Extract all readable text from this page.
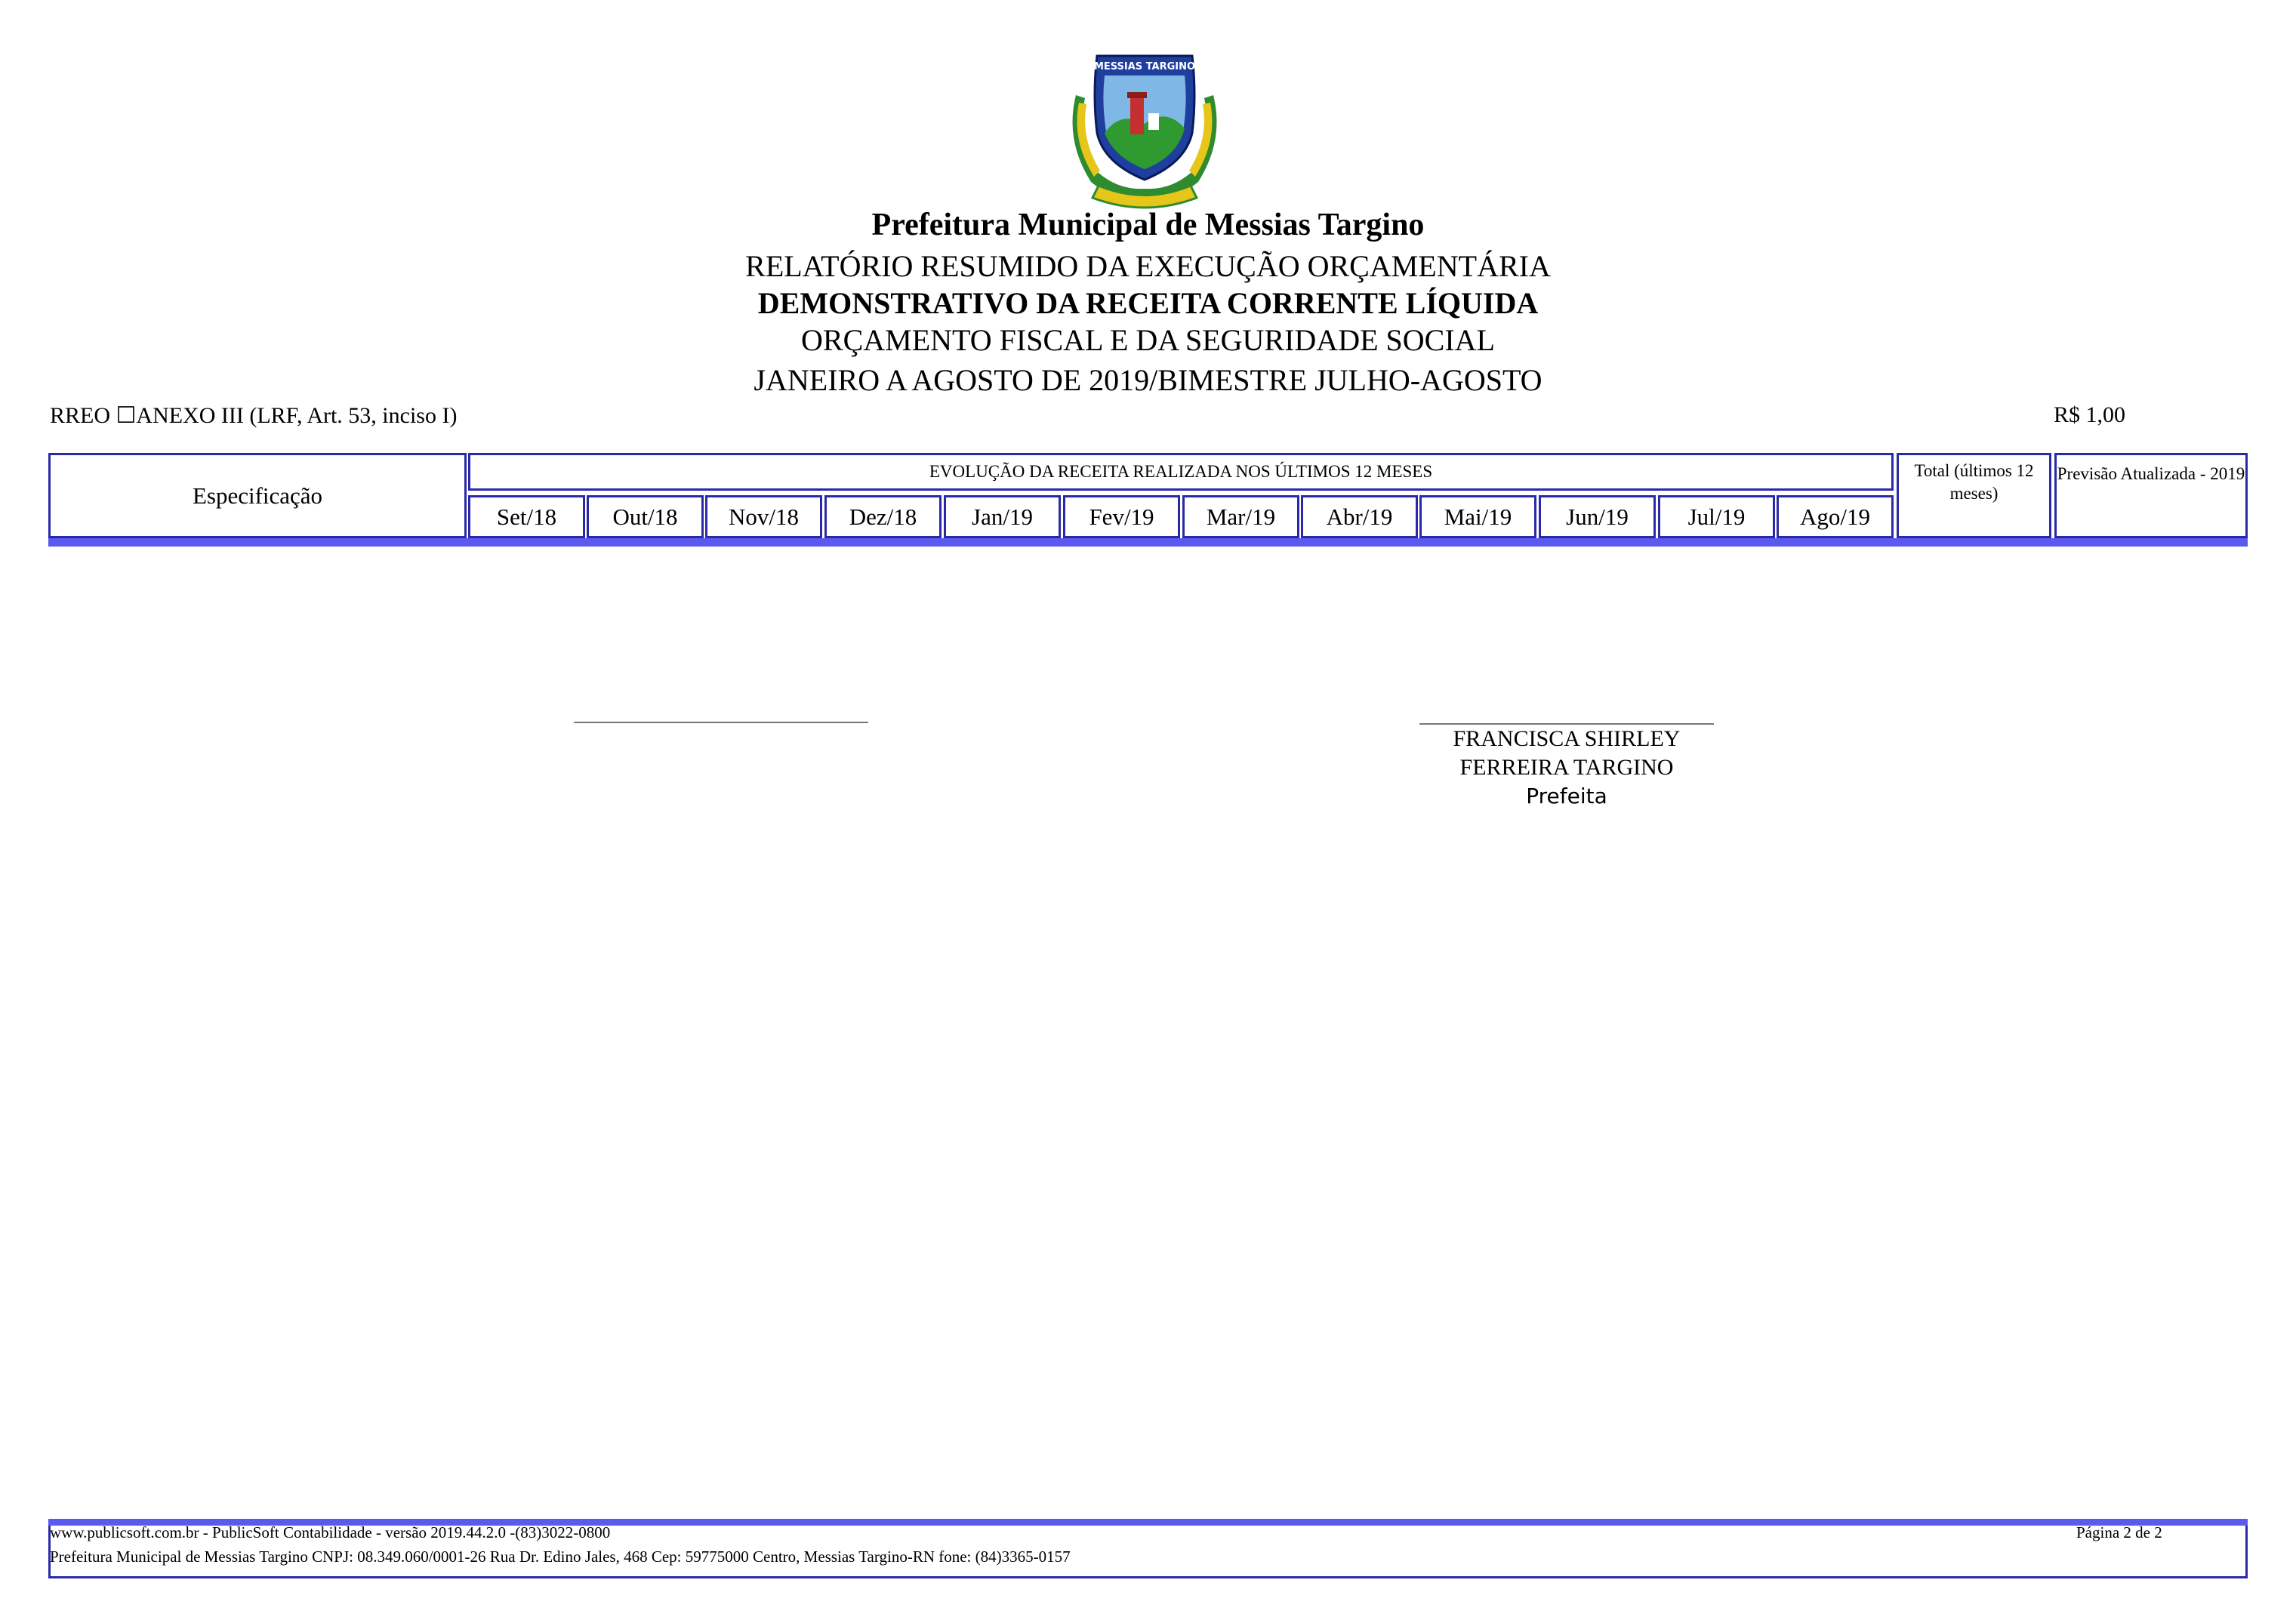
MESSIAS TARGINO
Prefeitura Municipal de Messias Targino
RELATÓRIO RESUMIDO DA EXECUÇÃO ORÇAMENTÁRIA
DEMONSTRATIVO DA RECEITA CORRENTE LÍQUIDA
ORÇAMENTO FISCAL E DA SEGURIDADE SOCIAL
JANEIRO A AGOSTO DE 2019/BIMESTRE JULHO-AGOSTO
RREO ☐ANEXO III (LRF, Art. 53, inciso I)	R$ 1,00
Especificação
EVOLUÇÃO DA RECEITA REALIZADA NOS ÚLTIMOS 12 MESES
Set/18	Out/18	Nov/18	Dez/18	Jan/19	Fev/19	Mar/19	Abr/19	Mai/19	Jun/19	Jul/19	Ago/19
Total (últimos 12 meses)
Previsão Atualizada - 2019
FRANCISCA SHIRLEY
FERREIRA TARGINO
Prefeita
www.publicsoft.com.br - PublicSoft Contabilidade - versão 2019.44.2.0 -(83)3022-0800
Prefeitura Municipal de Messias Targino CNPJ: 08.349.060/0001-26 Rua Dr. Edino Jales, 468 Cep: 59775000 Centro, Messias Targino-RN fone: (84)3365-0157
Página 2 de 2
